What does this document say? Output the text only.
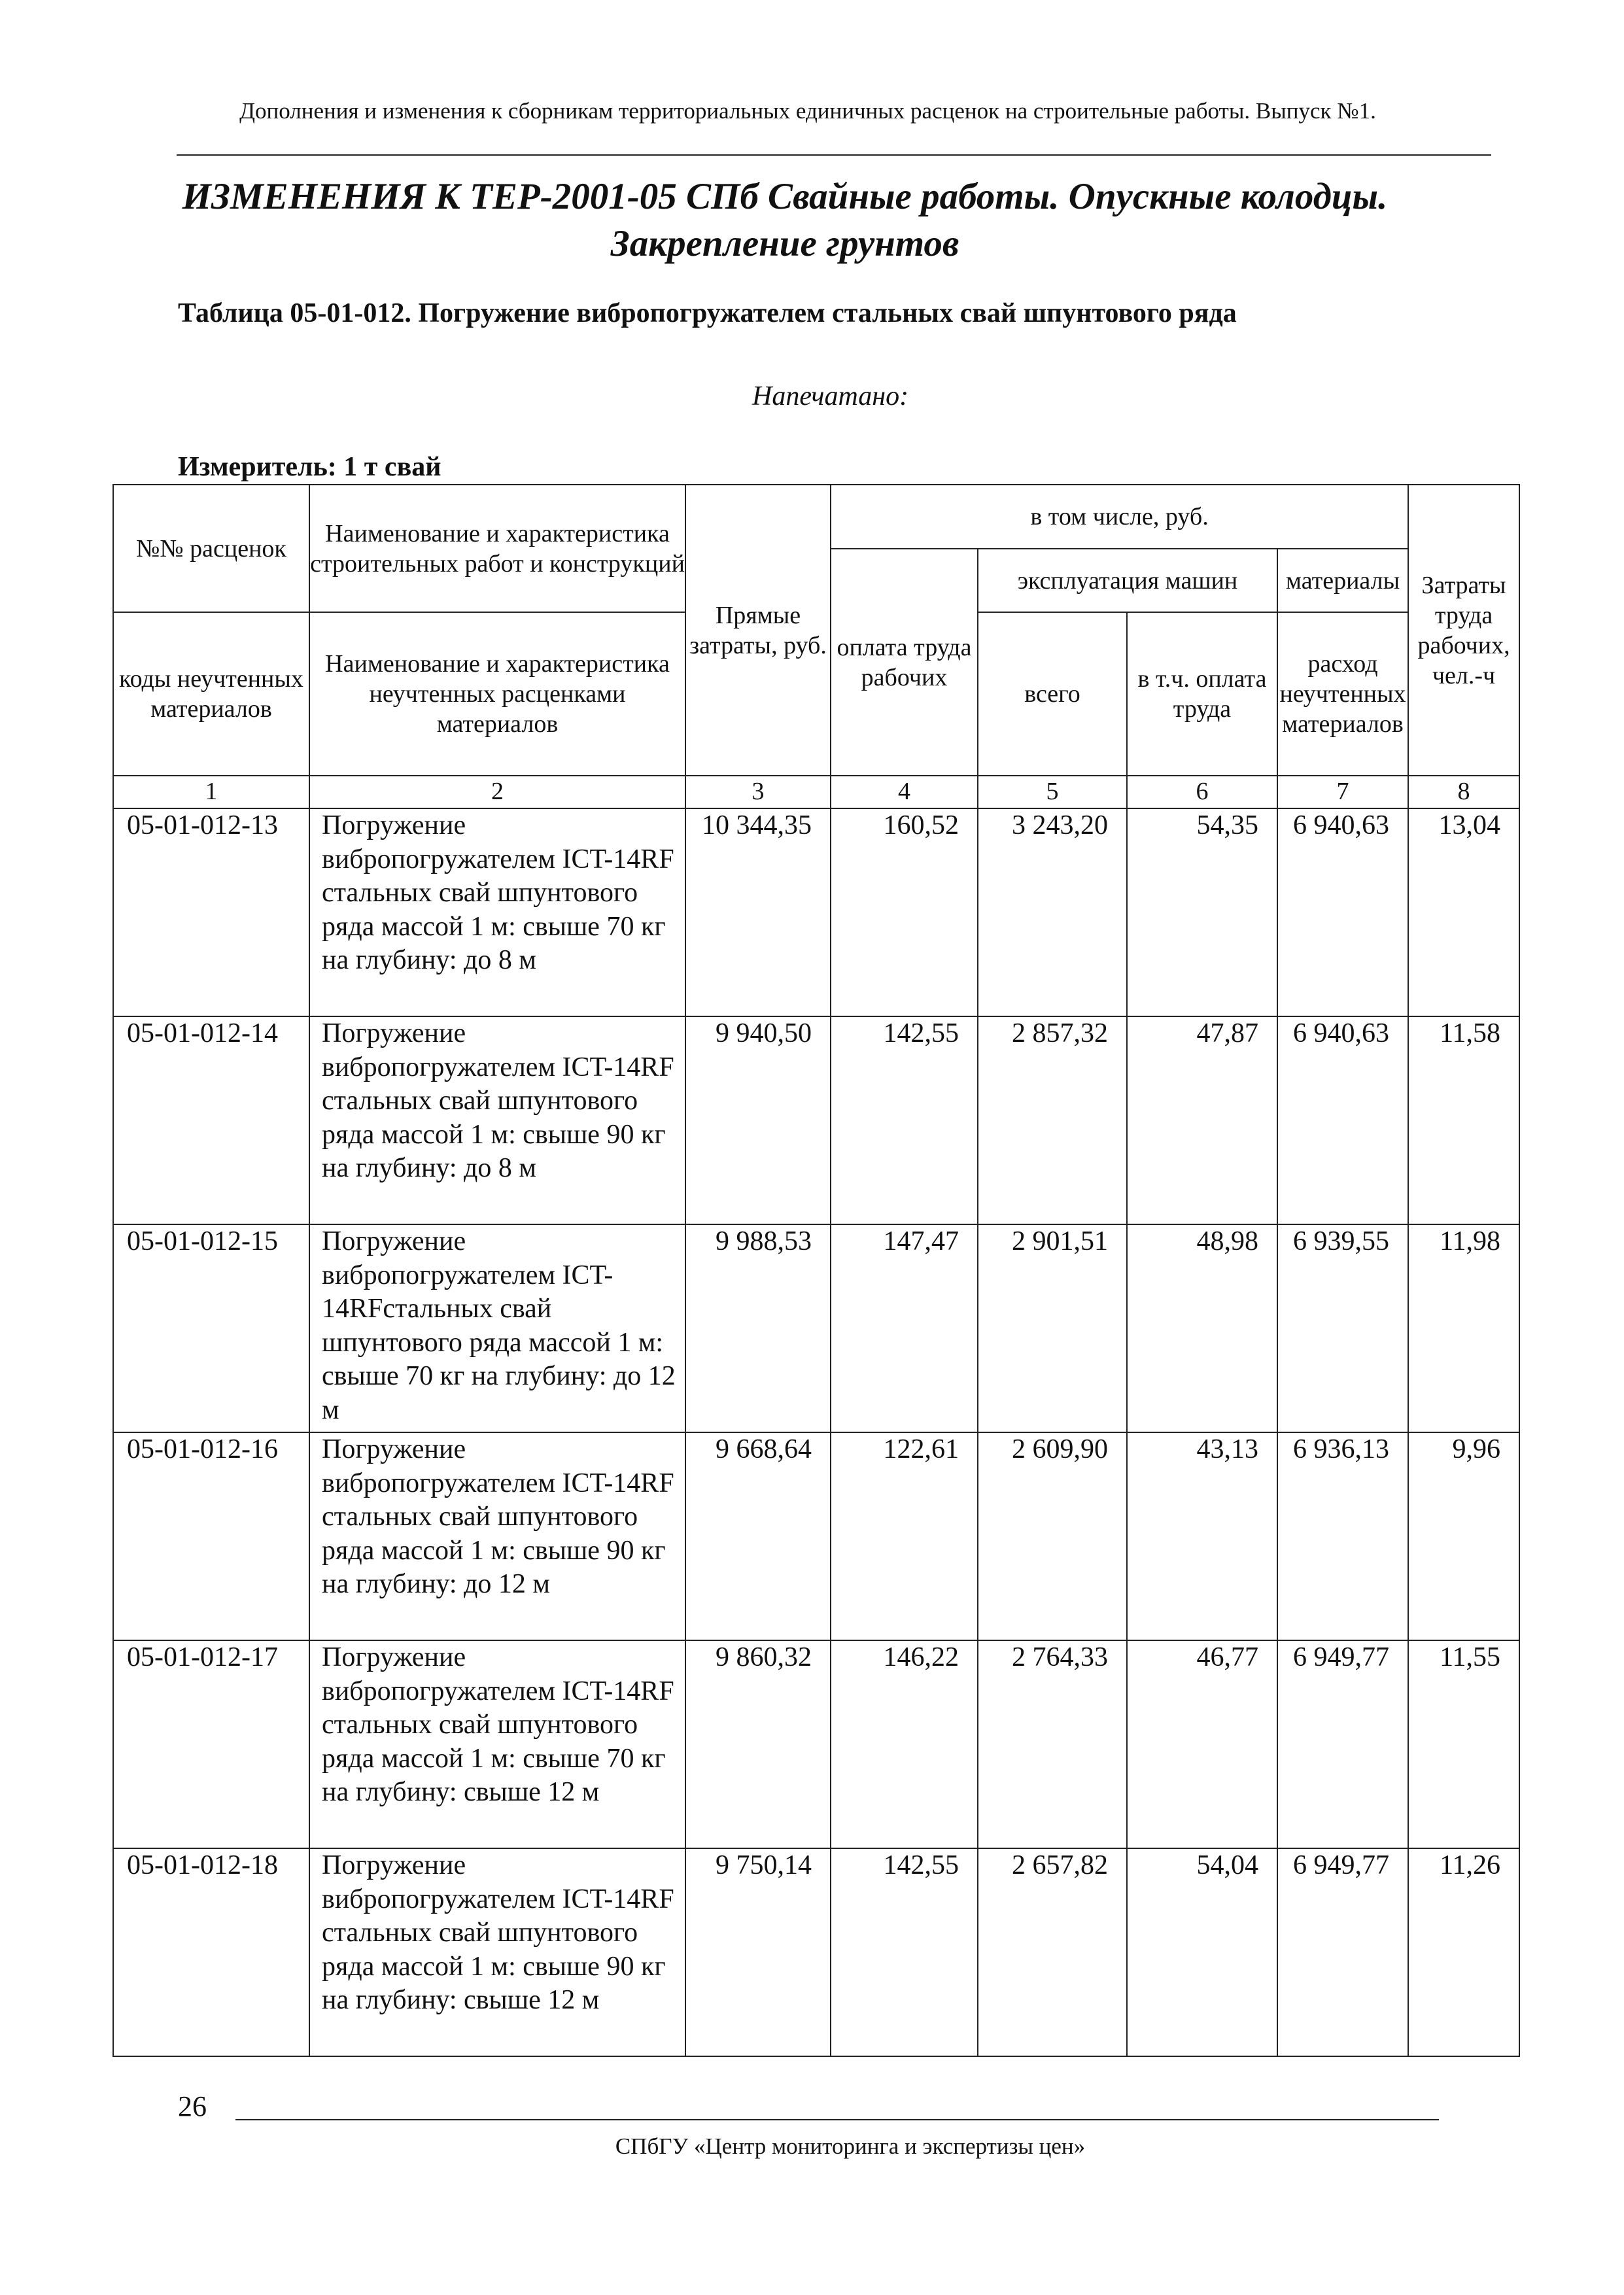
Дополнения и изменения к сборникам территориальных единичных расценок на строительные работы. Выпуск №1.
ИЗМЕНЕНИЯ К ТЕР-2001-05 СПб Свайные работы. Опускные колодцы.
Закрепление грунтов
Таблица 05-01-012. Погружение вибропогружателем стальных свай шпунтового ряда
Напечатано:
Измеритель: 1 т свай
№№ расценок	Наименование и характеристика строительных работ и конструкций	Прямые затраты, руб.	в том числе, руб.				Затраты труда рабочих, чел.-ч
			оплата труда рабочих	эксплуатация машин		материалы	
коды неучтенных материалов	Наименование и характеристика неучтенных расценками материалов			всего	в т.ч. оплата труда	расход неучтенных материалов	
1	2	3	4	5	6	7	8
05-01-012-13	Погружение вибропогружателем ICT-14RF стальных свай шпунтового ряда массой 1 м: свыше 70 кг на глубину: до 8 м	10 344,35	160,52	3 243,20	54,35	6 940,63	13,04
05-01-012-14	Погружение вибропогружателем ICT-14RF стальных свай шпунтового ряда массой 1 м: свыше 90 кг на глубину: до 8 м	9 940,50	142,55	2 857,32	47,87	6 940,63	11,58
05-01-012-15	Погружение вибропогружателем ICT-14RFстальных свай шпунтового ряда массой 1 м: свыше 70 кг на глубину: до 12 м	9 988,53	147,47	2 901,51	48,98	6 939,55	11,98
05-01-012-16	Погружение вибропогружателем ICT-14RF стальных свай шпунтового ряда массой 1 м: свыше 90 кг на глубину: до 12 м	9 668,64	122,61	2 609,90	43,13	6 936,13	9,96
05-01-012-17	Погружение вибропогружателем ICT-14RF стальных свай шпунтового ряда массой 1 м: свыше 70 кг на глубину: свыше 12 м	9 860,32	146,22	2 764,33	46,77	6 949,77	11,55
05-01-012-18	Погружение вибропогружателем ICT-14RF стальных свай шпунтового ряда массой 1 м: свыше 90 кг на глубину: свыше 12 м	9 750,14	142,55	2 657,82	54,04	6 949,77	11,26
26
СПбГУ «Центр мониторинга и экспертизы цен»
